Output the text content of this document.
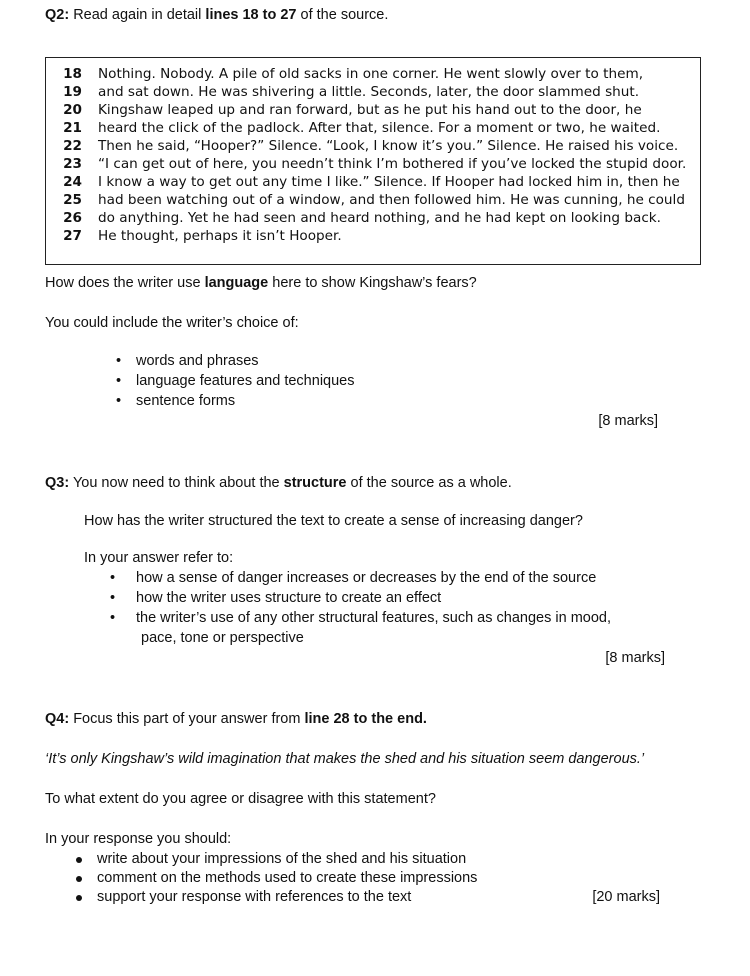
Q2: Read again in detail lines 18 to 27 of the source.
18 Nothing. Nobody. A pile of old sacks in one corner. He went slowly over to them,
19 and sat down. He was shivering a little. Seconds, later, the door slammed shut.
20 Kingshaw leaped up and ran forward, but as he put his hand out to the door, he
21 heard the click of the padlock. After that, silence. For a moment or two, he waited.
22 Then he said, “Hooper?” Silence. “Look, I know it’s you.” Silence. He raised his voice.
23 “I can get out of here, you needn’t think I’m bothered if you’ve locked the stupid door.
24 I know a way to get out any time I like.” Silence. If Hooper had locked him in, then he
25 had been watching out of a window, and then followed him. He was cunning, he could
26 do anything. Yet he had seen and heard nothing, and he had kept on looking back.
27 He thought, perhaps it isn’t Hooper.
How does the writer use language here to show Kingshaw’s fears?
You could include the writer’s choice of:
• words and phrases
• language features and techniques
• sentence forms
[8 marks]
Q3: You now need to think about the structure of the source as a whole.
How has the writer structured the text to create a sense of increasing danger?
In your answer refer to:
• how a sense of danger increases or decreases by the end of the source
• how the writer uses structure to create an effect
• the writer’s use of any other structural features, such as changes in mood,
pace, tone or perspective
[8 marks]
Q4: Focus this part of your answer from line 28 to the end.
‘It’s only Kingshaw’s wild imagination that makes the shed and his situation seem dangerous.’
To what extent do you agree or disagree with this statement?
In your response you should:
write about your impressions of the shed and his situation
comment on the methods used to create these impressions
support your response with references to the text	[20 marks]
